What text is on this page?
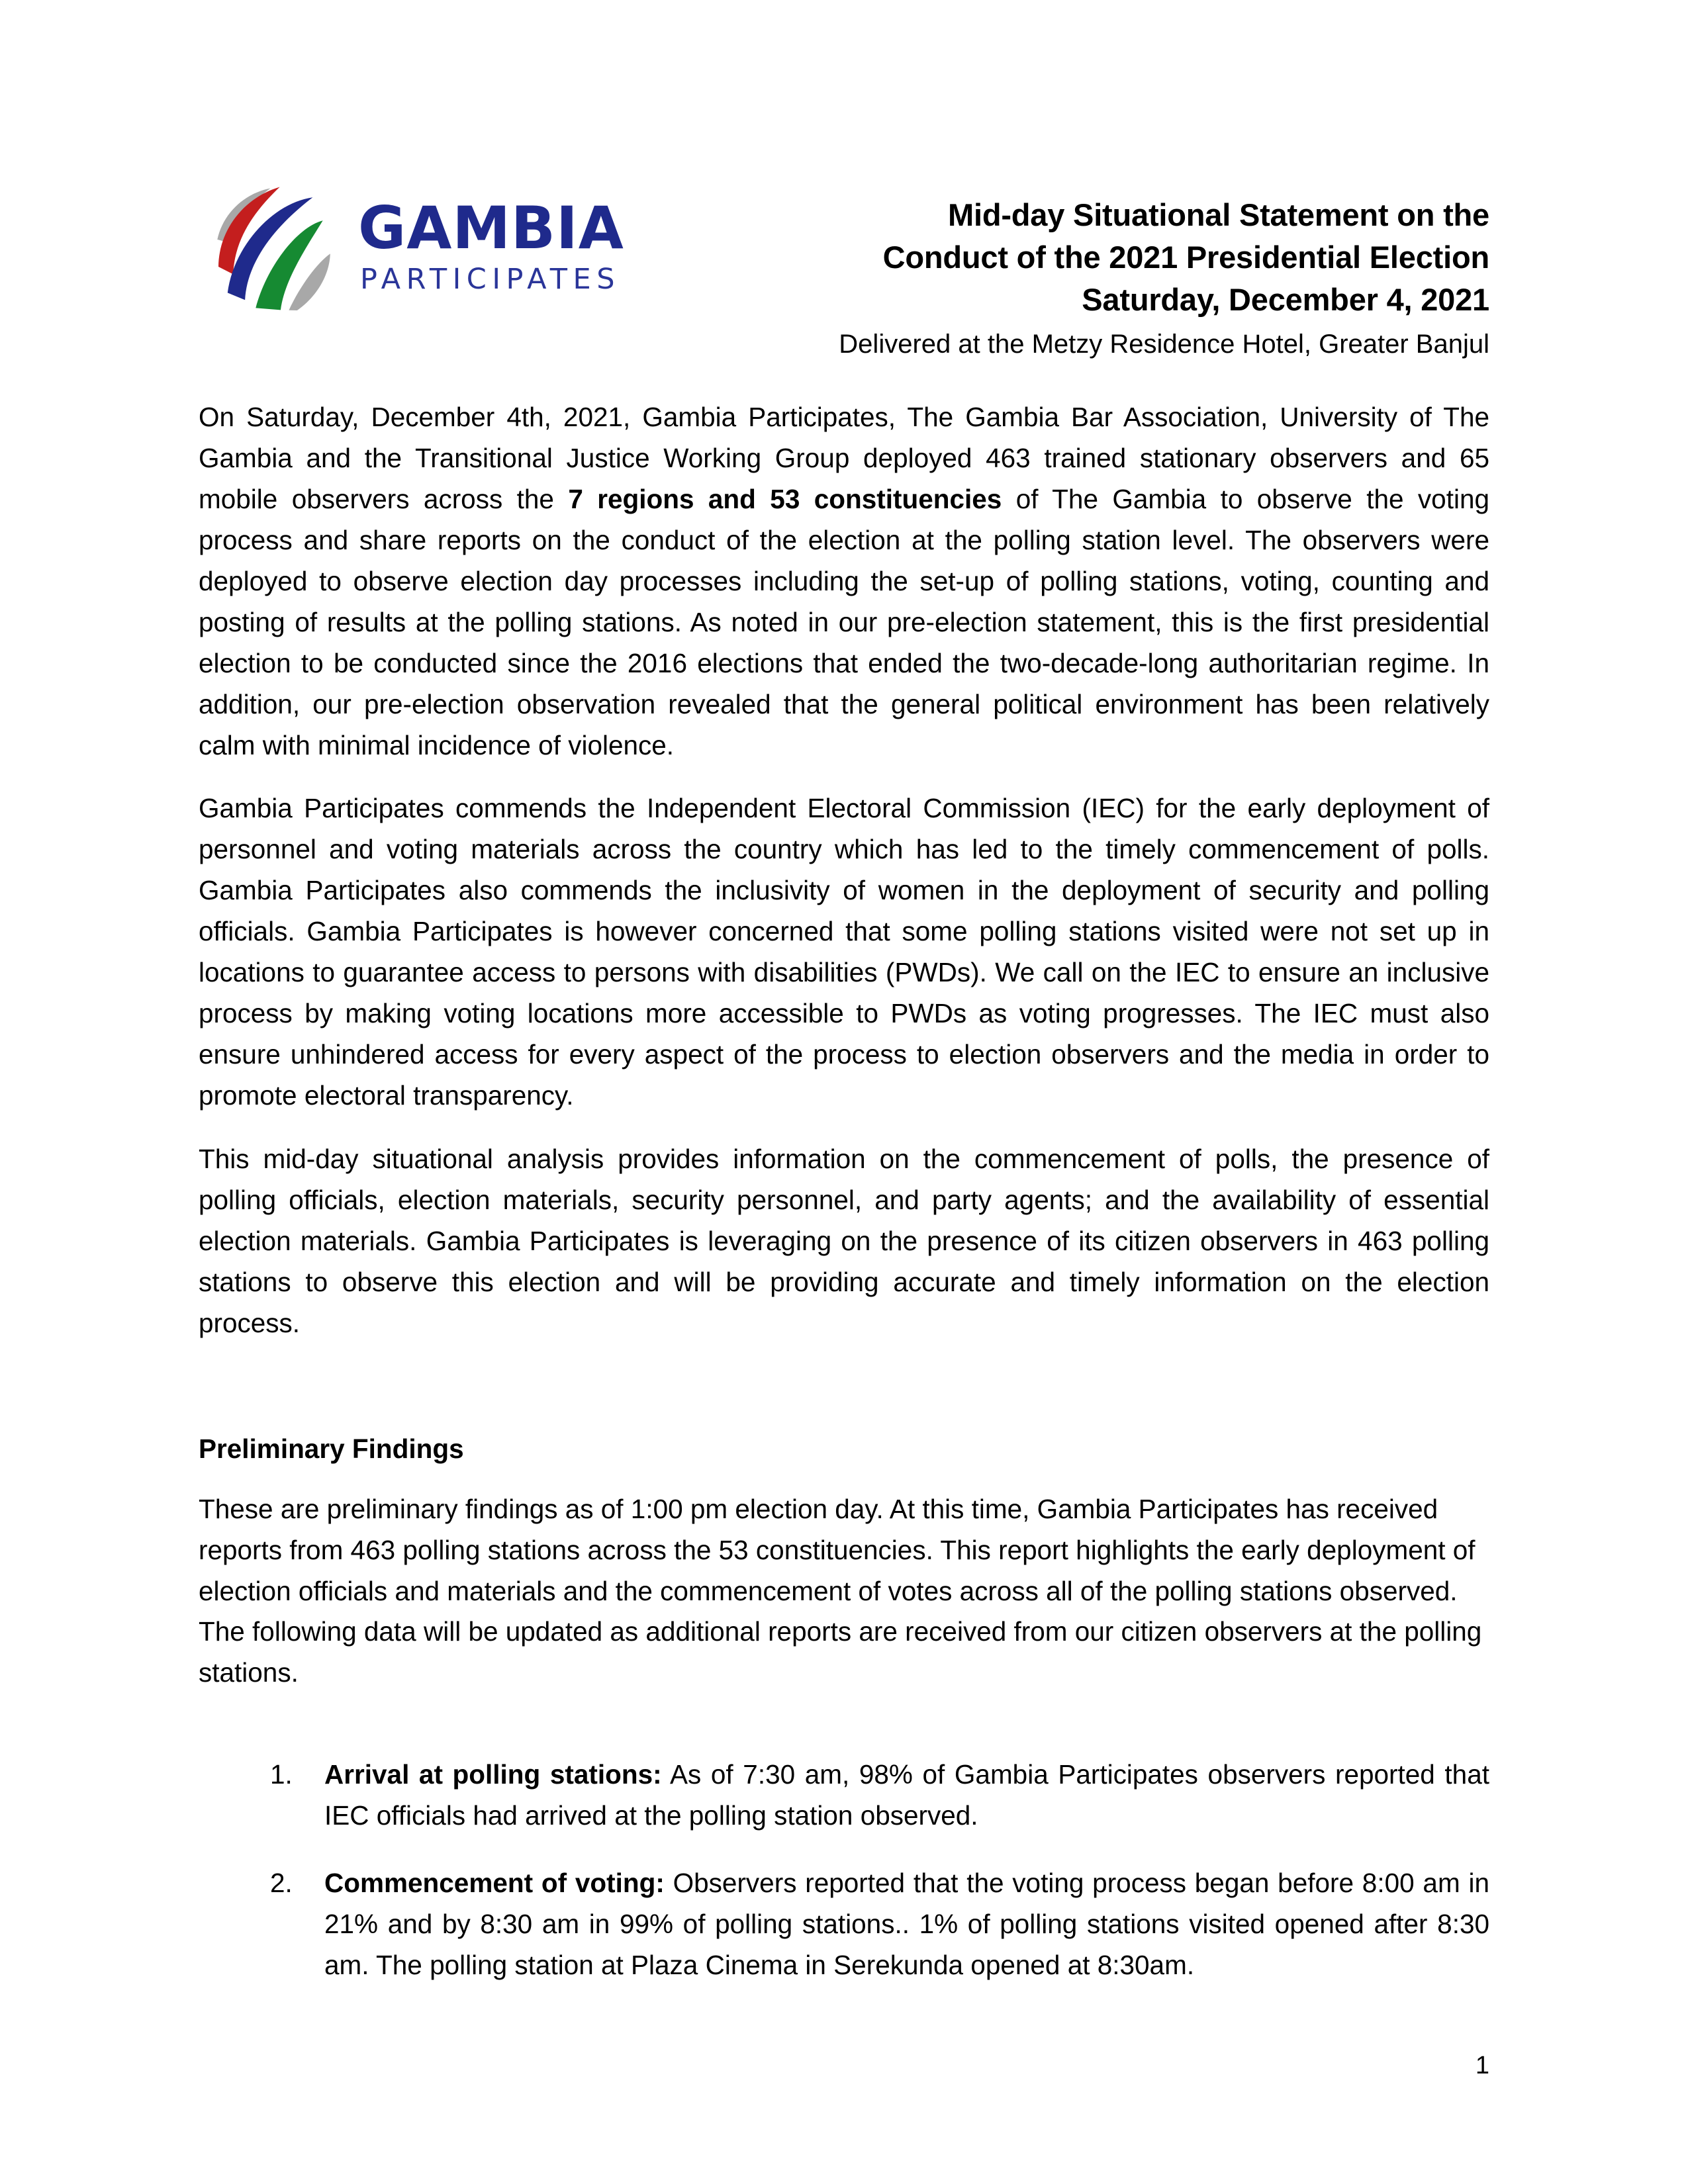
GAMBIA
PARTICIPATES
Mid-day Situational Statement on the
Conduct of the 2021 Presidential Election
Saturday, December 4, 2021
Delivered at the Metzy Residence Hotel, Greater Banjul

On Saturday, December 4th, 2021, Gambia Participates, The Gambia Bar Association, University of The Gambia and the Transitional Justice Working Group deployed 463 trained stationary observers and 65 mobile observers across the 7 regions and 53 constituencies of The Gambia to observe the voting process and share reports on the conduct of the election at the polling station level. The observers were deployed to observe election day processes including the set-up of polling stations, voting, counting and posting of results at the polling stations. As noted in our pre-election statement, this is the first presidential election to be conducted since the 2016 elections that ended the two-decade-long authoritarian regime. In addition, our pre-election observation revealed that the general political environment has been relatively calm with minimal incidence of violence.

Gambia Participates commends the Independent Electoral Commission (IEC) for the early deployment of personnel and voting materials across the country which has led to the timely commencement of polls. Gambia Participates also commends the inclusivity of women in the deployment of security and polling officials. Gambia Participates is however concerned that some polling stations visited were not set up in locations to guarantee access to persons with disabilities (PWDs). We call on the IEC to ensure an inclusive process by making voting locations more accessible to PWDs as voting progresses. The IEC must also ensure unhindered access for every aspect of the process to election observers and the media in order to promote electoral transparency.

This mid-day situational analysis provides information on the commencement of polls, the presence of polling officials, election materials, security personnel, and party agents; and the availability of essential election materials. Gambia Participates is leveraging on the presence of its citizen observers in 463 polling stations to observe this election and will be providing accurate and timely information on the election process.

Preliminary Findings

These are preliminary findings as of 1:00 pm election day. At this time, Gambia Participates has received reports from 463 polling stations across the 53 constituencies. This report highlights the early deployment of election officials and materials and the commencement of votes across all of the polling stations observed. The following data will be updated as additional reports are received from our citizen observers at the polling stations.

1.	Arrival at polling stations: As of 7:30 am, 98% of Gambia Participates observers reported that IEC officials had arrived at the polling station observed.
2.	Commencement of voting: Observers reported that the voting process began before 8:00 am in 21% and by 8:30 am in 99% of polling stations.. 1% of polling stations visited opened after 8:30 am. The polling station at Plaza Cinema in Serekunda opened at 8:30am.
1
